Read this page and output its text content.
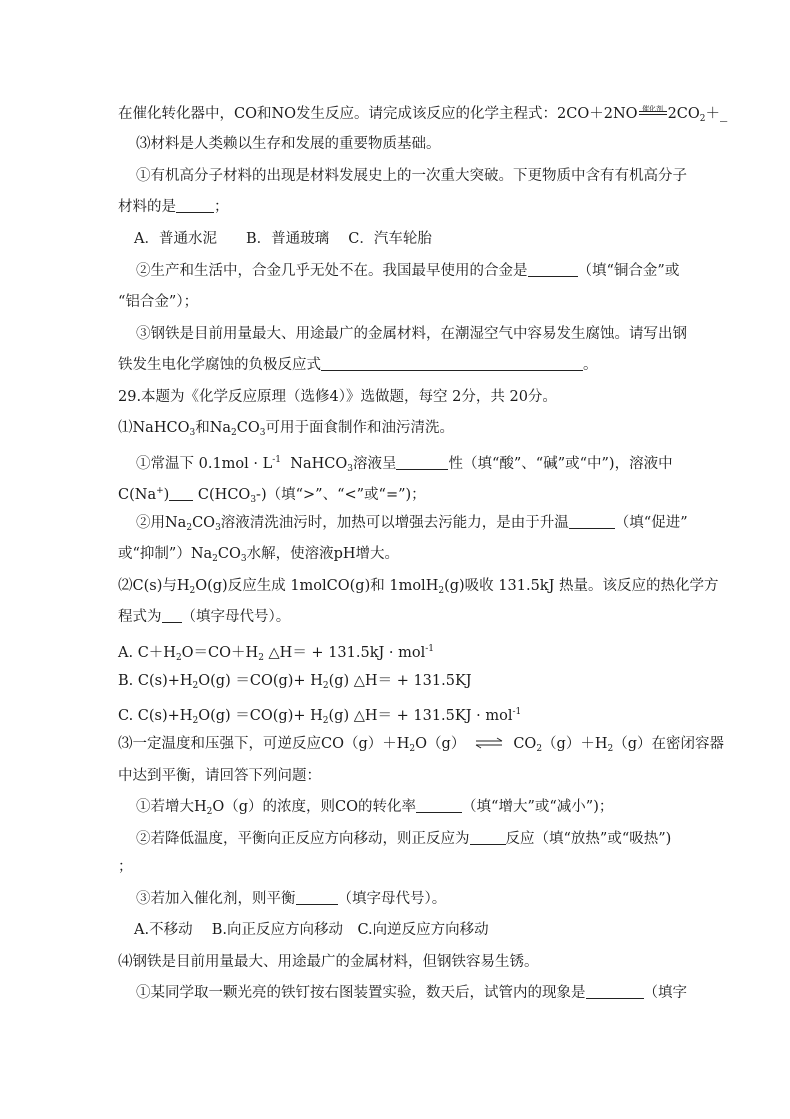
在催化转化器中，CO和NO发生反应。请完成该反应的化学主程式：2CO＋2NO 催化剂 $2CO_2+\_$
⑶材料是人类赖以生存和发展的重要物质基础。
①有机高分子材料的出现是材料发展史上的一次重大突破。下更物质中含有有机高分子
材料的是	；
A．普通水泥　　B．普通玻璃　 C．汽车轮胎
②生产和生活中，合金几乎无处不在。我国最早使用的合金是	（填“铜合金”或
“铝合金”）；
③钢铁是目前用量最大、用途最广的金属材料，在潮湿空气中容易发生腐蚀。请写出钢
铁发生电化学腐蚀的负极反应式	。
29.本题为《化学反应原理（选修4）》选做题，每空 2分，共 20分。
⑴NaHCO$_3$和$Na_2CO_3$可用于面食制作和油污清洗。
①常温下 $0.1mol \cdot L^{-1}$ NaHCO$_3$溶液呈	性（填“酸”、“碱”或“中”)，溶液中
C(Na+) $C(HCO_3-)$（填“>”、“<”或“=”)；
②用$Na_2CO_3$溶液清洗油污时，加热可以增强去污能力，是由于升温	（填“促进”
或“抑制$”)Na_2CO_3$水解，使溶液pH增大。
⑵C(s)与$H_2O(g)$反应生成 1molCO(g)和 1molH$_2$(g)吸收 131.5kJ 热量。该反应的热化学方
程式为 （填字母代号）。
A. $C+H_2O=CO+H_2$ △H＝ + 131.5kJ · mol$^{-1}$
B. $C(s)+H_2O(g) =CO(g)+ H_2(g)$ △H＝ + 131.5KJ
C. $C(s)+H_2O(g) =CO(g)+ H_2(g)$ △H＝ + 131.5KJ · mol$^{-1}$
⑶一定温度和压强下，可逆反应$CO(g)+H_2O(g)$ ⇌ $CO_2(g)+H_2(g)$在密闭容器
中达到平衡，请回答下列问题：
①若增大$H_2O(g)$的浓度，则CO的转化率	（填“增大”或“减小”)；
②若降低温度，平衡向正反应方向移动，则正反应为 反应（填“放热”或“吸热”)
；
③若加入催化剂，则平衡	（填字母代号）。
A.不移动　 B.向正反应方向移动　C.向逆反应方向移动
⑷钢铁是目前用量最大、用途最广的金属材料，但钢铁容易生锈。
①某同学取一颗光亮的铁钉按右图装置实验，数天后，试管内的现象是	（填字
